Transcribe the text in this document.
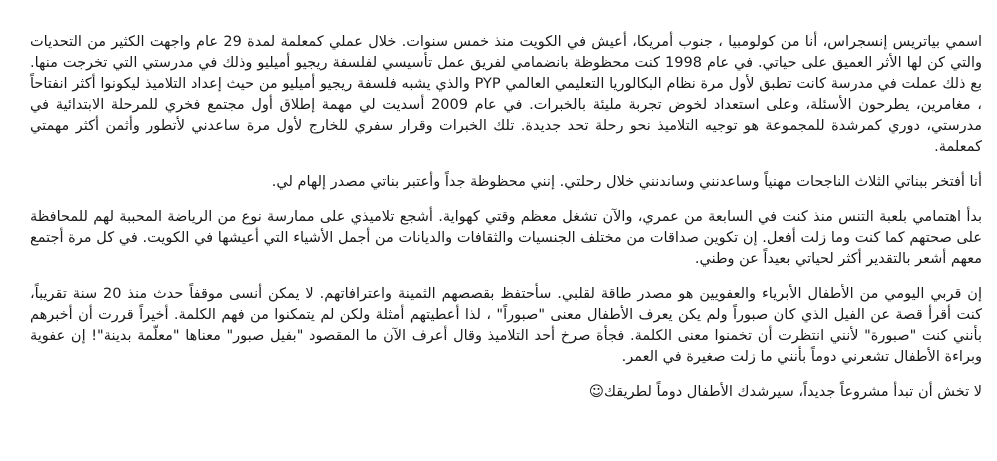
اسمي بياتريس إنسجراس، أنا من كولومبيا ، جنوب أمريكا، أعيش في الكويت منذ خمس سنوات. خلال عملي كمعلمة لمدة 29 عام واجهت الكثير من التحديات والتي كن لها الأثر العميق على حياتي. في عام 1998 كنت محظوظة بانضمامي لفريق عمل تأسيسي لفلسفة ريجيو أميليو وذلك في مدرستي التي تخرجت منها. بع ذلك عملت في مدرسة كانت تطبق لأول مرة نظام البكالوريا التعليمي العالمي PYP والذي يشبه فلسفة ريجيو أميليو من حيث إعداد التلاميذ ليكونوا أكثر انفتاحاً ، مغامرين، يطرحون الأسئلة، وعلى استعداد لخوض تجربة مليئة بالخبرات. في عام 2009 أسديت لي مهمة إطلاق أول مجتمع فخري للمرحلة الابتدائية في مدرستي، دوري كمرشدة للمجموعة هو توجيه التلاميذ نحو رحلة تحد جديدة. تلك الخبرات وقرار سفري للخارج لأول مرة ساعدني لأتطور وأثمن أكثر مهمتي كمعلمة.

أنا أفتخر ببناتي الثلاث الناجحات مهنياً وساعدنني وساندنني خلال رحلتي. إنني محظوظة جداً وأعتبر بناتي مصدر إلهام لي.

بدأ اهتمامي بلعبة التنس منذ كنت في السابعة من عمري، والآن تشغل معظم وقتي كهواية. أشجع تلاميذي على ممارسة نوع من الرياضة المحببة لهم للمحافظة على صحتهم كما كنت وما زلت أفعل. إن تكوين صداقات من مختلف الجنسيات والثقافات والديانات من أجمل الأشياء التي أعيشها في الكويت. في كل مرة أجتمع معهم أشعر بالتقدير أكثر لحياتي بعيداً عن وطني.

إن قربي اليومي من الأطفال الأبرياء والعفويين هو مصدر طاقة لقلبي. سأحتفظ بقصصهم الثمينة واعترافاتهم. لا يمكن أنسى موقفاً حدث منذ 20 سنة تقريباً، كنت أقرأ قصة عن الفيل الذي كان صبوراً ولم يكن يعرف الأطفال معنى "صبوراً" ، لذا أعطيتهم أمثلة ولكن لم يتمكنوا من فهم الكلمة. أخيراً قررت أن أخبرهم بأنني كنت "صبورة" لأنني انتظرت أن تخمنوا معنى الكلمة. فجأة صرخ أحد التلاميذ وقال أعرف الآن ما المقصود "بفيل صبور" معناها "معلّمة بدينة"! إن عفوية وبراءة الأطفال تشعرني دوماً بأنني ما زلت صغيرة في العمر.

لا تخش أن تبدأ مشروعاً جديداً، سيرشدك الأطفال دوماً لطريقك☺
